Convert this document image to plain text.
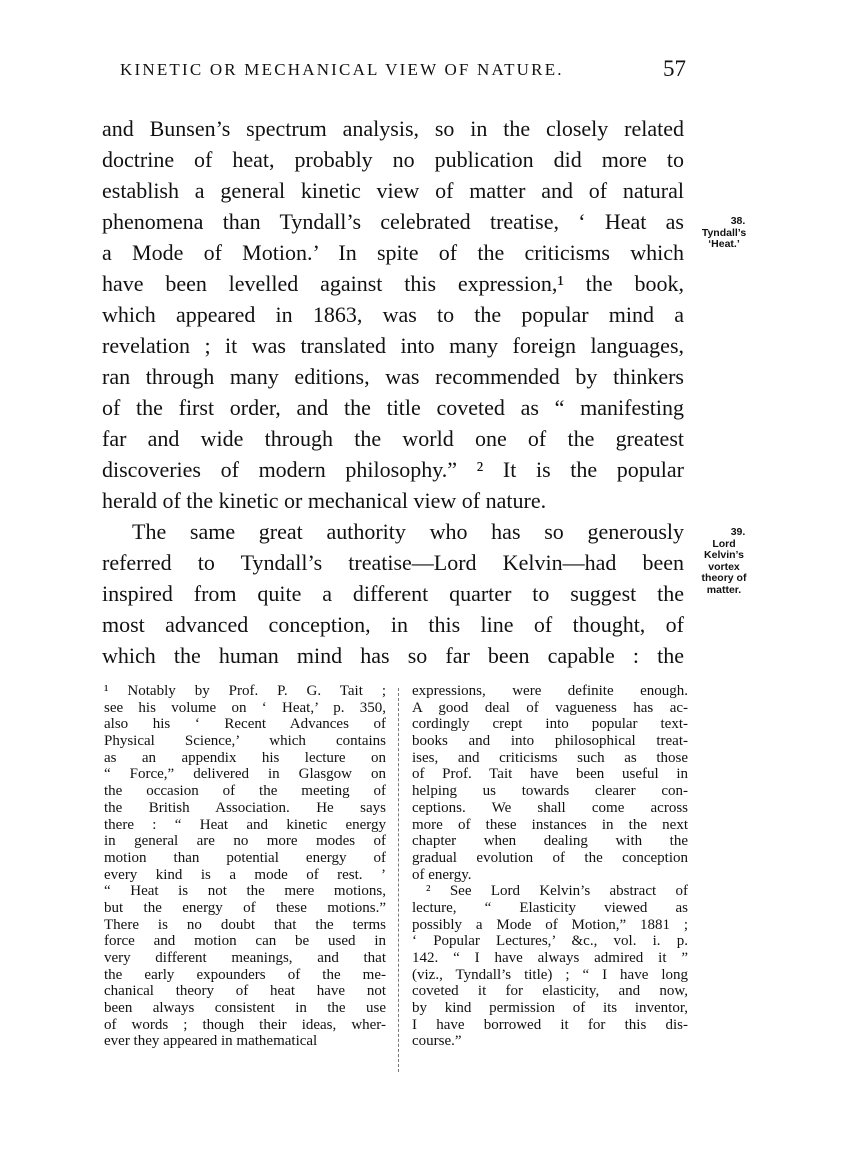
KINETIC OR MECHANICAL VIEW OF NATURE.	57
and Bunsen’s spectrum analysis, so in the closely related
doctrine of heat, probably no publication did more to
establish a general kinetic view of matter and of natural
phenomena than Tyndall’s celebrated treatise, ‘ Heat as
a Mode of Motion.’ In spite of the criticisms which
have been levelled against this expression,¹ the book,
which appeared in 1863, was to the popular mind a
revelation ; it was translated into many foreign languages,
ran through many editions, was recommended by thinkers
of the first order, and the title coveted as “ manifesting
far and wide through the world one of the greatest
discoveries of modern philosophy.” ² It is the popular
herald of the kinetic or mechanical view of nature.
The same great authority who has so generously
referred to Tyndall’s treatise—Lord Kelvin—had been
inspired from quite a different quarter to suggest the
most advanced conception, in this line of thought, of
which the human mind has so far been capable : the
38.
Tyndall’s
‘Heat.’
39.
Lord
Kelvin’s
vortex
theory of
matter.
¹ Notably by Prof. P. G. Tait ;
see his volume on ‘ Heat,’ p. 350,
also his ‘ Recent Advances of
Physical Science,’ which contains
as an appendix his lecture on
“ Force,” delivered in Glasgow on
the occasion of the meeting of
the British Association. He says
there : “ Heat and kinetic energy
in general are no more modes of
motion than potential energy of
every kind is a mode of rest. ’
“ Heat is not the mere motions,
but the energy of these motions.”
There is no doubt that the terms
force and motion can be used in
very different meanings, and that
the early expounders of the me-
chanical theory of heat have not
been always consistent in the use
of words ; though their ideas, wher-
ever they appeared in mathematical
expressions, were definite enough.
A good deal of vagueness has ac-
cordingly crept into popular text-
books and into philosophical treat-
ises, and criticisms such as those
of Prof. Tait have been useful in
helping us towards clearer con-
ceptions. We shall come across
more of these instances in the next
chapter when dealing with the
gradual evolution of the conception
of energy.
² See Lord Kelvin’s abstract of
lecture, “ Elasticity viewed as
possibly a Mode of Motion,” 1881 ;
‘ Popular Lectures,’ &c., vol. i. p.
142. “ I have always admired it ”
(viz., Tyndall’s title) ; “ I have long
coveted it for elasticity, and now,
by kind permission of its inventor,
I have borrowed it for this dis-
course.”
